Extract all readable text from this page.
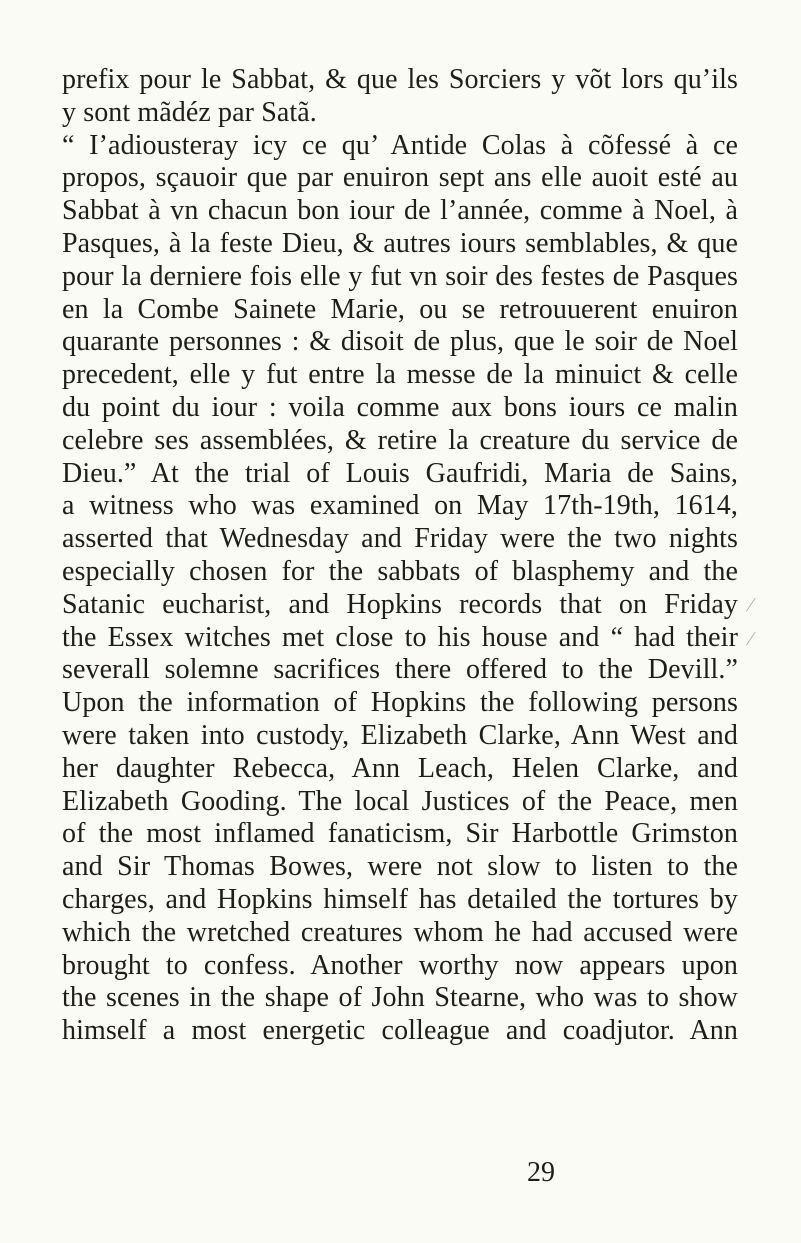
prefix pour le Sabbat, & que les Sorciers y võt lors qu’ils
y sont mãdéz par Satã.
“ I’adiousteray icy ce qu’ Antide Colas à cõfessé à ce
propos, sçauoir que par enuiron sept ans elle auoit esté au
Sabbat à vn chacun bon iour de l’année, comme à Noel, à
Pasques, à la feste Dieu, & autres iours semblables, & que
pour la derniere fois elle y fut vn soir des festes de Pasques
en la Combe Sainete Marie, ou se retrouuerent enuiron
quarante personnes : & disoit de plus, que le soir de Noel
precedent, elle y fut entre la messe de la minuict & celle
du point du iour : voila comme aux bons iours ce malin
celebre ses assemblées, & retire la creature du service de
Dieu.” At the trial of Louis Gaufridi, Maria de Sains,
a witness who was examined on May 17th-19th, 1614,
asserted that Wednesday and Friday were the two nights
especially chosen for the sabbats of blasphemy and the
Satanic eucharist, and Hopkins records that on Friday
the Essex witches met close to his house and “ had their
severall solemne sacrifices there offered to the Devill.”
Upon the information of Hopkins the following persons
were taken into custody, Elizabeth Clarke, Ann West and
her daughter Rebecca, Ann Leach, Helen Clarke, and
Elizabeth Gooding. The local Justices of the Peace, men
of the most inflamed fanaticism, Sir Harbottle Grimston
and Sir Thomas Bowes, were not slow to listen to the
charges, and Hopkins himself has detailed the tortures by
which the wretched creatures whom he had accused were
brought to confess. Another worthy now appears upon
the scenes in the shape of John Stearne, who was to show
himself a most energetic colleague and coadjutor. Ann
/
/
29
